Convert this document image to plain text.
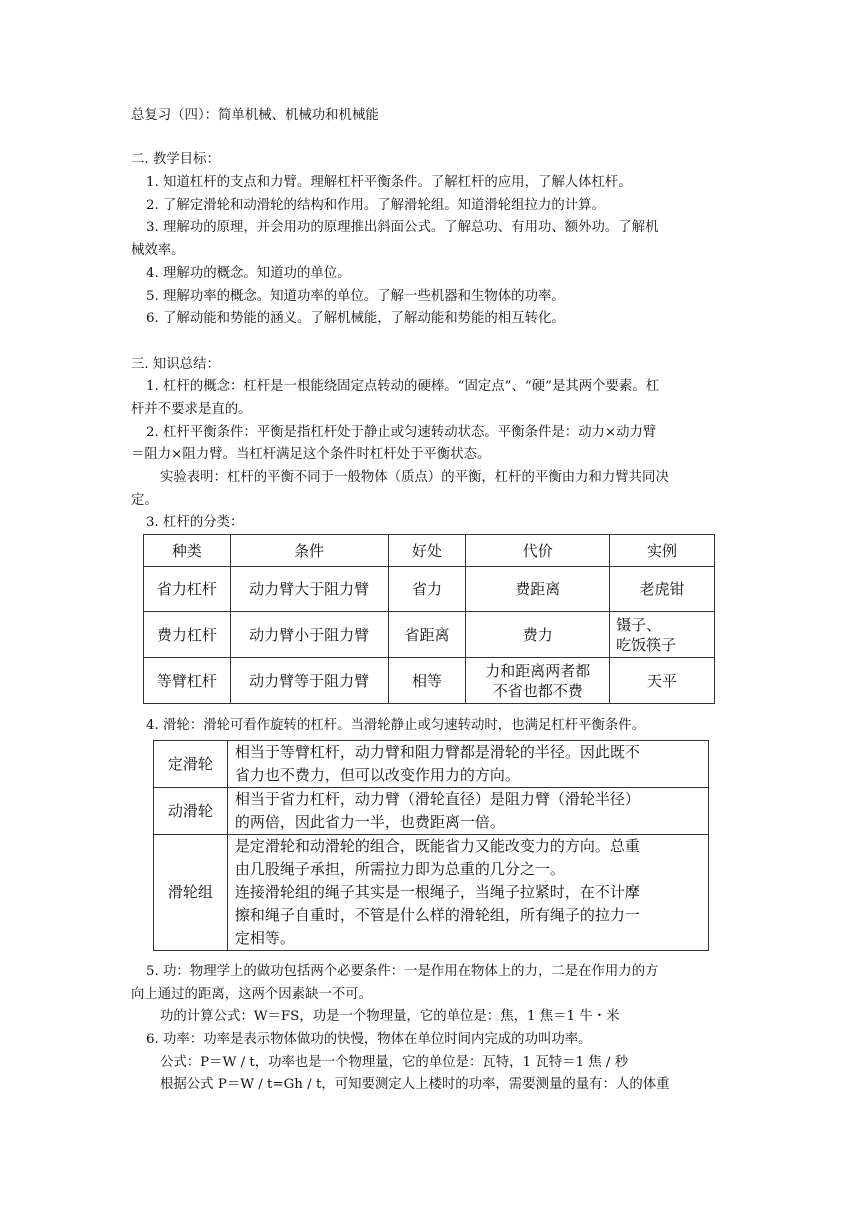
总复习（四）：简单机械、机械功和机械能
二. 教学目标：
1. 知道杠杆的支点和力臂。理解杠杆平衡条件。了解杠杆的应用，了解人体杠杆。
2. 了解定滑轮和动滑轮的结构和作用。了解滑轮组。知道滑轮组拉力的计算。
3. 理解功的原理，并会用功的原理推出斜面公式。了解总功、有用功、额外功。了解机
械效率。
4. 理解功的概念。知道功的单位。
5. 理解功率的概念。知道功率的单位。了解一些机器和生物体的功率。
6. 了解动能和势能的涵义。了解机械能，了解动能和势能的相互转化。
三. 知识总结：
1. 杠杆的概念：杠杆是一根能绕固定点转动的硬棒。“固定点”、“硬”是其两个要素。杠
杆并不要求是直的。
2. 杠杆平衡条件：平衡是指杠杆处于静止或匀速转动状态。平衡条件是：动力×动力臂
＝阻力×阻力臂。当杠杆满足这个条件时杠杆处于平衡状态。
实验表明：杠杆的平衡不同于一般物体（质点）的平衡，杠杆的平衡由力和力臂共同决
定。
3. 杠杆的分类：
种类	条件	好处	代价	实例
省力杠杆	动力臂大于阻力臂	省力	费距离	老虎钳
费力杠杆	动力臂小于阻力臂	省距离	费力	镊子、
吃饭筷子

等臂杠杆	动力臂等于阻力臂	相等	力和距离两者都
不省也都不费	天平
4. 滑轮：滑轮可看作旋转的杠杆。当滑轮静止或匀速转动时，也满足杠杆平衡条件。
定滑轮	相当于等臂杠杆，动力臂和阻力臂都是滑轮的半径。因此既不
省力也不费力，但可以改变作用力的方向。

动滑轮	相当于省力杠杆，动力臂（滑轮直径）是阻力臂（滑轮半径）
的两倍，因此省力一半，也费距离一倍。

滑轮组	是定滑轮和动滑轮的组合，既能省力又能改变力的方向。总重
由几股绳子承担，所需拉力即为总重的几分之一。
连接滑轮组的绳子其实是一根绳子，当绳子拉紧时，在不计摩
擦和绳子自重时，不管是什么样的滑轮组，所有绳子的拉力一
定相等。
5. 功：物理学上的做功包括两个必要条件：一是作用在物体上的力，二是在作用力的方
向上通过的距离，这两个因素缺一不可。
功的计算公式：W＝FS，功是一个物理量，它的单位是：焦，1 焦＝1 牛・米
6. 功率：功率是表示物体做功的快慢，物体在单位时间内完成的功叫功率。
公式：P＝W / t，功率也是一个物理量，它的单位是：瓦特，1 瓦特＝1 焦 / 秒
根据公式 P＝W / t=Gh / t，可知要测定人上楼时的功率，需要测量的量有：人的体重
